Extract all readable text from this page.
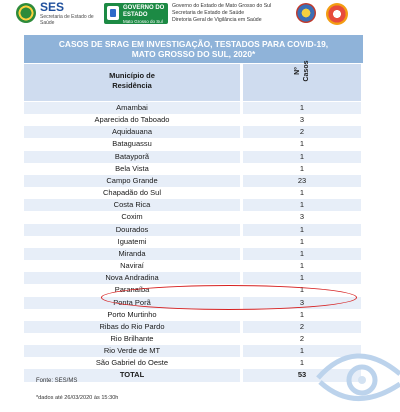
SES
Secretaria de Estado de Saúde
GOVERNO DO ESTADO
Mato Grosso do Sul
Governo do Estado de Mato Grosso do Sul
Secretaria de Estado de Saúde
Diretoria Geral de Vigilância em Saúde
CASOS DE SRAG EM INVESTIGAÇÃO, TESTADOS PARA COVID-19,
MATO GROSSO DO SUL, 2020*
Município de
Residência
Nº Casos
Amambai	1
Aparecida do Taboado	3
Aquidauana	2
Bataguassu	1
Batayporã	1
Bela Vista	1
Campo Grande	23
Chapadão do Sul	1
Costa Rica	1
Coxim	3
Dourados	1
Iguatemi	1
Miranda	1
Naviraí	1
Nova Andradina	1
Paranaíba	1
Ponta Porã	3
Porto Murtinho	1
Ribas do Rio Pardo	2
Rio Brilhante	2
Rio Verde de MT	1
São Gabriel do Oeste	1
TOTAL	53
Fonte: SES/MS
*dados até 26/03/2020 às 15:30h
